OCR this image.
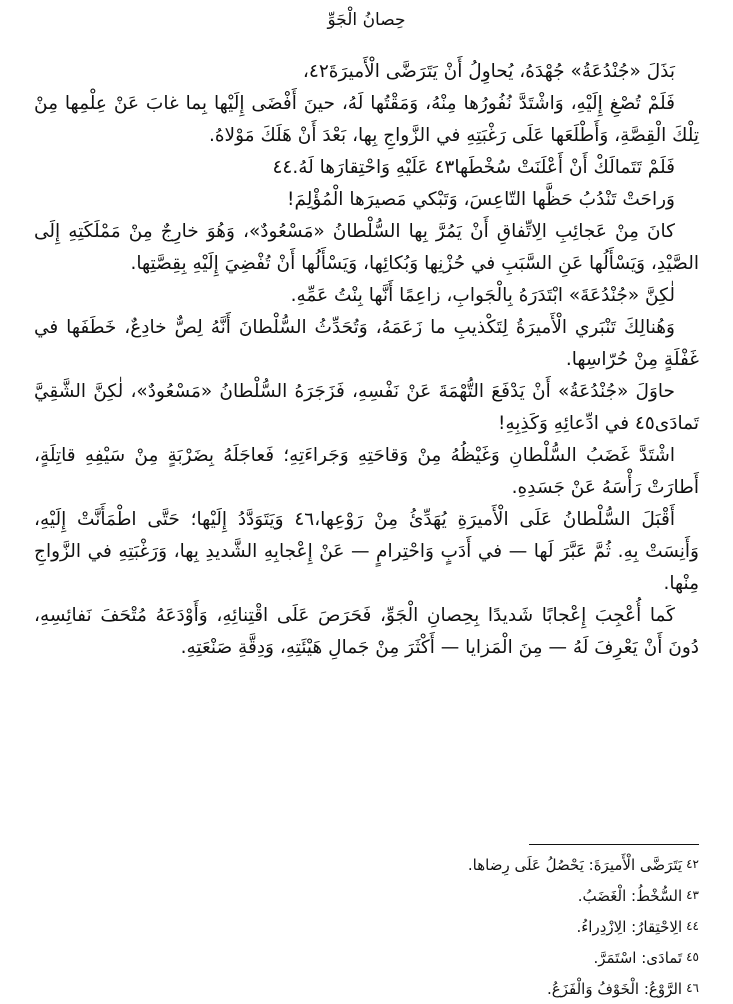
حِصانُ الْجَوِّ

بَذَلَ «جُنْدُعَةُ» جُهْدَهُ، يُحاوِلُ أَنْ يَتَرَضَّى الْأَميرَةَ٤٢،

فَلَمْ تُصْغِ إِلَيْهِ، وَاشْتَدَّ نُفُورُها مِنْهُ، وَمَقْتُها لَهُ، حينَ أَفْضَى إِلَيْها بِما غابَ عَنْ عِلْمِها مِنْ تِلْكَ الْقِصَّةِ، وَأَطْلَعَها عَلَى رَغْبَتِهِ في الزَّواجِ بِها، بَعْدَ أَنْ هَلَكَ مَوْلاهُ.

فَلَمْ تَتَمالَكْ أَنْ أَعْلَنَتْ سُخْطَها٤٣ عَلَيْهِ وَاحْتِقارَها لَهُ.٤٤

وَراحَتْ تَنْدُبُ حَظَّها التّاعِسَ، وَتَبْكي مَصيرَها الْمُؤْلِمَ!

كانَ مِنْ عَجائِبِ الِاتِّفاقِ أَنْ يَمُرَّ بِها السُّلْطانُ «مَسْعُودٌ»، وَهُوَ خارِجٌ مِنْ مَمْلَكَتِهِ إِلَى الصَّيْدِ، وَيَسْأَلُها عَنِ السَّبَبِ في حُزْنِها وَبُكائِها، وَيَسْأَلُها أَنْ تُفْضِيَ إِلَيْهِ بِقِصَّتِها.

لٰكِنَّ «جُنْدُعَةَ» ابْتَدَرَهُ بِالْجَوابِ، زاعِمًا أَنَّها بِنْتُ عَمِّهِ.

وَهُنالِكَ تَنْبَري الْأَميرَةُ لِتَكْذيبِ ما زَعَمَهُ، وَتُحَدِّثُ السُّلْطانَ أَنَّهُ لِصٌّ خادِعٌ، خَطَفَها في غَفْلَةٍ مِنْ حُرّاسِها.

حاوَلَ «جُنْدُعَةُ» أَنْ يَدْفَعَ التُّهْمَةَ عَنْ نَفْسِهِ، فَزَجَرَهُ السُّلْطانُ «مَسْعُودٌ»، لٰكِنَّ الشَّقِيَّ تَمادَى٤٥ في ادِّعائِهِ وَكَذِبِهِ!

اشْتَدَّ غَضَبُ السُّلْطانِ وَغَيْظُهُ مِنْ وَقاحَتِهِ وَجَراءَتِهِ؛ فَعاجَلَهُ بِضَرْبَةٍ مِنْ سَيْفِهِ قاتِلَةٍ، أَطارَتْ رَأْسَهُ عَنْ جَسَدِهِ.

أَقْبَلَ السُّلْطانُ عَلَى الْأَميرَةِ يُهَدِّئُ مِنْ رَوْعِها،٤٦ وَيَتَوَدَّدُ إِلَيْها؛ حَتَّى اطْمَأَنَّتْ إِلَيْهِ، وَأَنِسَتْ بِهِ. ثُمَّ عَبَّرَ لَها — في أَدَبٍ وَاحْتِرامٍ — عَنْ إِعْجابِهِ الشَّديدِ بِها، وَرَغْبَتِهِ في الزَّواجِ مِنْها.

كَما أُعْجِبَ إِعْجابًا شَديدًا بِحِصانِ الْجَوِّ، فَحَرَصَ عَلَى اقْتِنائِهِ، وَأَوْدَعَهُ مُتْحَفَ نَفائِسِهِ، دُونَ أَنْ يَعْرِفَ لَهُ — مِنَ الْمَزايا — أَكْثَرَ مِنْ جَمالِ هَيْئَتِهِ، وَدِقَّةِ صَنْعَتِهِ.

٤٢يَتَرَضَّى الْأَميرَةَ: يَحْصُلُ عَلَى رِضاها.

٤٣السُّخْطُ: الْغَضَبُ.

٤٤الِاحْتِقارُ: الِازْدِراءُ.

٤٥تَمادَى: اسْتَمَرَّ.

٤٦الرَّوْعُ: الْخَوْفُ وَالْفَزَعُ.
